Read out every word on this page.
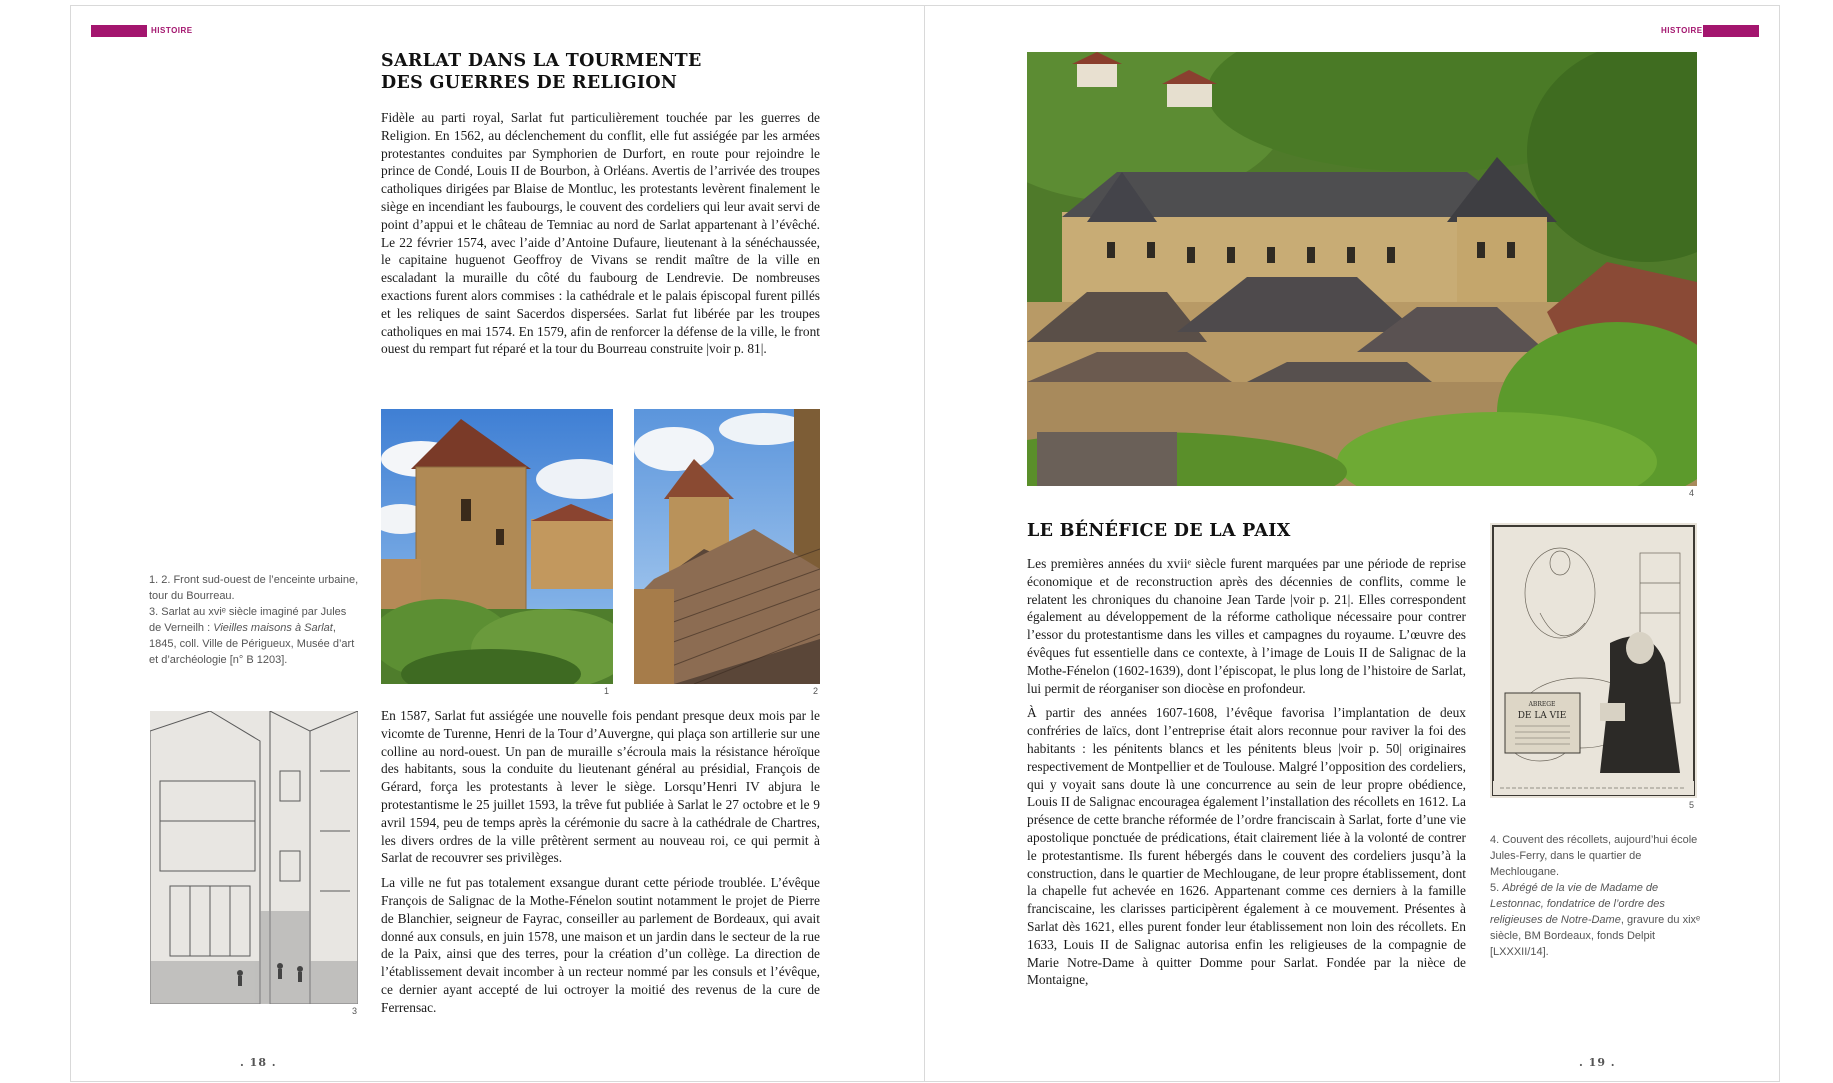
HISTOIRE
SARLAT DANS LA TOURMENTE
DES GUERRES DE RELIGION

Fidèle au parti royal, Sarlat fut particulièrement touchée par les guerres de Religion. En 1562, au déclenchement du conflit, elle fut assiégée par les armées protestantes conduites par Symphorien de Durfort, en route pour rejoindre le prince de Condé, Louis II de Bourbon, à Orléans. Avertis de l’arrivée des troupes catholiques dirigées par Blaise de Montluc, les protestants levèrent finalement le siège en incendiant les faubourgs, le couvent des cordeliers qui leur avait servi de point d’appui et le château de Temniac au nord de Sarlat appartenant à l’évêché. Le 22 février 1574, avec l’aide d’Antoine Dufaure, lieutenant à la sénéchaussée, le capitaine huguenot Geoffroy de Vivans se rendit maître de la ville en escaladant la muraille du côté du faubourg de Lendrevie. De nombreuses exactions furent alors commises : la cathédrale et le palais épiscopal furent pillés et les reliques de saint Sacerdos dispersées. Sarlat fut libérée par les troupes catholiques en mai 1574. En 1579, afin de renforcer la défense de la ville, le front ouest du rempart fut réparé et la tour du Bourreau construite |voir p. 81|.

1	2
1. 2. Front sud-ouest de l’enceinte urbaine, tour du Bourreau.
3. Sarlat au xviᵉ siècle imaginé par Jules de Verneilh : Vieilles maisons à Sarlat, 1845, coll. Ville de Périgueux, Musée d’art et d’archéologie [n° B 1203].
3

En 1587, Sarlat fut assiégée une nouvelle fois pendant presque deux mois par le vicomte de Turenne, Henri de la Tour d’Auvergne, qui plaça son artillerie sur une colline au nord-ouest. Un pan de muraille s’écroula mais la résistance héroïque des habitants, sous la conduite du lieutenant général au présidial, François de Gérard, força les protestants à lever le siège. Lorsqu’Henri IV abjura le protestantisme le 25 juillet 1593, la trêve fut publiée à Sarlat le 27 octobre et le 9 avril 1594, peu de temps après la cérémonie du sacre à la cathédrale de Chartres, les divers ordres de la ville prêtèrent serment au nouveau roi, ce qui permit à Sarlat de recouvrer ses privilèges.

La ville ne fut pas totalement exsangue durant cette période troublée. L’évêque François de Salignac de la Mothe-Fénelon soutint notamment le projet de Pierre de Blanchier, seigneur de Fayrac, conseiller au parlement de Bordeaux, qui avait donné aux consuls, en juin 1578, une maison et un jardin dans le secteur de la rue de la Paix, ainsi que des terres, pour la création d’un collège. La direction de l’établissement devait incomber à un recteur nommé par les consuls et l’évêque, ce dernier ayant accepté de lui octroyer la moitié des revenus de la cure de Ferrensac.

. 18 .
HISTOIRE
4
LE BÉNÉFICE DE LA PAIX

Les premières années du xviiᵉ siècle furent marquées par une période de reprise économique et de reconstruction après des décennies de conflits, comme le relatent les chroniques du chanoine Jean Tarde |voir p. 21|. Elles correspondent également au développement de la réforme catholique nécessaire pour contrer l’essor du protestantisme dans les villes et campagnes du royaume. L’œuvre des évêques fut essentielle dans ce contexte, à l’image de Louis II de Salignac de la Mothe-Fénelon (1602-1639), dont l’épiscopat, le plus long de l’histoire de Sarlat, lui permit de réorganiser son diocèse en profondeur.

À partir des années 1607-1608, l’évêque favorisa l’implantation de deux confréries de laïcs, dont l’entreprise était alors reconnue pour raviver la foi des habitants : les pénitents blancs et les pénitents bleus |voir p. 50| originaires respectivement de Montpellier et de Toulouse. Malgré l’opposition des cordeliers, qui y voyait sans doute là une concurrence au sein de leur propre obédience, Louis II de Salignac encouragea également l’installation des récollets en 1612. La présence de cette branche réformée de l’ordre franciscain à Sarlat, forte d’une vie apostolique ponctuée de prédications, était clairement liée à la volonté de contrer le protestantisme. Ils furent hébergés dans le couvent des cordeliers jusqu’à la construction, dans le quartier de Mechlougane, de leur propre établissement, dont la chapelle fut achevée en 1626. Appartenant comme ces derniers à la famille franciscaine, les clarisses participèrent également à ce mouvement. Présentes à Sarlat dès 1621, elles purent fonder leur établissement non loin des récollets. En 1633, Louis II de Salignac autorisa enfin les religieuses de la compagnie de Marie Notre-Dame à quitter Domme pour Sarlat. Fondée par la nièce de Montaigne,

ABREGE
DE LA VIE
5
4. Couvent des récollets, aujourd’hui école Jules-Ferry, dans le quartier de Mechlougane.
5. Abrégé de la vie de Madame de Lestonnac, fondatrice de l’ordre des religieuses de Notre-Dame, gravure du xixᵉ siècle, BM Bordeaux, fonds Delpit [LXXXII/14].
. 19 .
